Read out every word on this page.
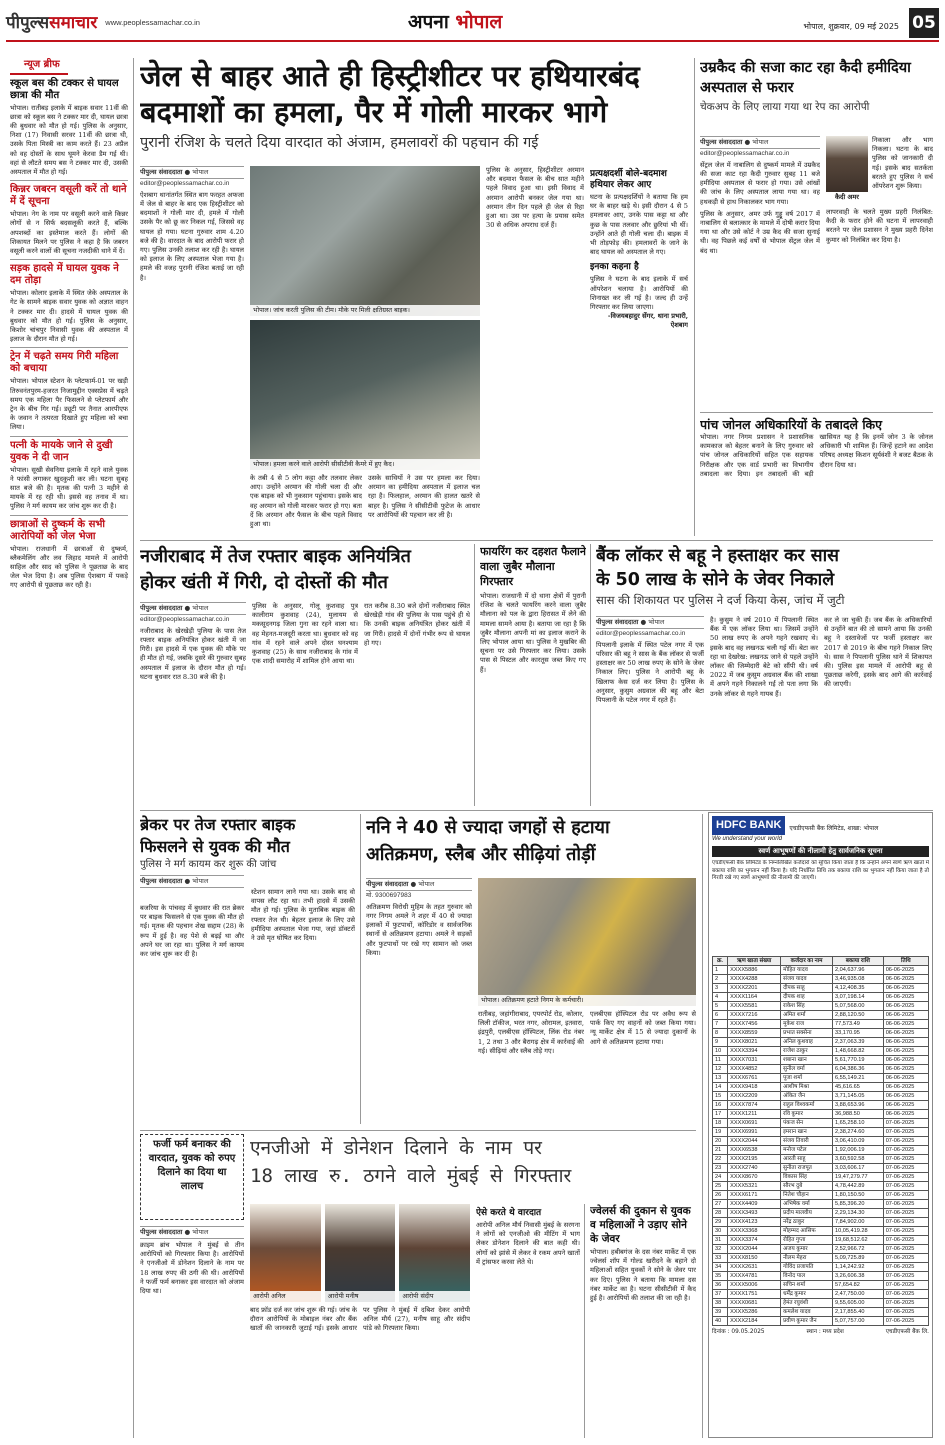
पीपुल्ससमाचार www.peoplessamachar.co.in	अपना भोपाल	भोपाल, शुक्रवार, 09 मई 2025 05
न्यूज ब्रीफ
स्कूल बस की टक्कर से घायल छात्रा की मौत
भोपाल। रातीबड़ इलाके में बाइक सवार 11वीं की छात्रा को स्कूल बस ने टक्कर मार दी, घायल छात्रा की बुधवार को मौत हो गई। पुलिस के अनुसार, निशा (17) निवासी सरवर 11वीं की छात्रा थी, उसके पिता मिस्त्री का काम करते हैं। 23 अप्रैल को वह दोस्तों के साथ घूमने केरवा डैम गई थी। वहां से लौटते समय बस ने टक्कर मार दी, उसकी अस्पताल में मौत हो गई।
किन्नर जबरन वसूली करें तो थाने में दें सूचना
भोपाल। नेग के नाम पर वसूली करने वाले किन्नर लोगों से न सिर्फ बदसलूकी करते हैं, बल्कि अपशब्दों का इस्तेमाल करते हैं। लोगों की शिकायत मिलने पर पुलिस ने कहा है कि जबरन वसूली करने वालों की सूचना नजदीकी थाने में दें।
सड़क हादसे में घायल युवक ने दम तोड़ा
भोपाल। कोलार इलाके में स्थित जेके अस्पताल के गेट के सामने बाइक सवार युवक को अज्ञात वाहन ने टक्कर मार दी। हादसे में घायल युवक की बुधवार को मौत हो गई। पुलिस के अनुसार, किशोर चांचपुर निवासी युवक की अस्पताल में इलाज के दौरान मौत हो गई।
ट्रेन में चढ़ते समय गिरी महिला को बचाया
भोपाल। भोपाल स्टेशन के प्लेटफार्म-01 पर खड़ी तिरुवनंतपुरम-हजरत निजामुद्दीन एक्सप्रेस में चढ़ते समय एक महिला पैर फिसलने से प्लेटफार्म और ट्रेन के बीच गिर गई। ड्यूटी पर तैनात आरपीएफ के जवान ने तत्परता दिखाते हुए महिला को बचा लिया।
पत्नी के मायके जाने से दुखी युवक ने दी जान
भोपाल। सूखी सेवनिया इलाके में रहने वाले युवक ने फांसी लगाकर खुदकुशी कर ली। घटना सुबह सात बजे की है। मृतक की पत्नी 3 महीने से मायके में रह रही थी। इससे वह तनाव में था। पुलिस ने मर्ग कायम कर जांच शुरू कर दी है।
छात्राओं से दुष्कर्म के सभी आरोपियों को जेल भेजा
भोपाल। राजधानी में छात्राओं से दुष्कर्म, ब्लैकमेलिंग और लव जिहाद मामले में आरोपी साहिल और साद को पुलिस ने पूछताछ के बाद जेल भेज दिया है। अब पुलिस ऐशबाग में पकड़े गए आरोपी से पूछताछ कर रही है।
जेल से बाहर आते ही हिस्ट्रीशीटर पर हथियारबंद
बदमाशों का हमला, पैर में गोली मारकर भागे
पुरानी रंजिश के चलते दिया वारदात को अंजाम, हमलावरों की पहचान की गई
पीपुल्स संवाददाता ● भोपाल
editor@peoplessamachar.co.in
ऐशबाग थानांतर्गत स्थित बाग फरहत अफजा में जेल से बाहर के बाद एक हिस्ट्रीशीटर को बदमाशों ने गोली मार दी, हमले में गोली उसके पैर को छू कर निकल गई, जिससे वह घायल हो गया। घटना गुरुवार शाम 4.20 बजे की है। वारदात के बाद आरोपी फरार हो गए। पुलिस उनकी तलाश कर रही है। घायल को इलाज के लिए अस्पताल भेजा गया है। हमले की वजह पुरानी रंजिश बताई जा रही है।
भोपाल। जांच करती पुलिस की टीम। मौके पर मिली क्षतिग्रस्त बाइक।
भोपाल। हमला करने वाले आरोपी सीसीटीवी कैमरे में हुए कैद।
के तबी 4 से 5 लोग कट्टा और तलवार लेकर आए। उन्होंने अरमान की गोली चला दी और एक बाइक को भी नुकसान पहुंचाया। इसके बाद वह अरमान को गोली मारकर फरार हो गए। बता दें कि अरमान और फैसल के बीच पहले विवाद हुआ था।
उसके साथियों ने उस पर हमला कर दिया। अरमान का हमीदिया अस्पताल में इलाज चल रहा है। फिलहाल, अरमान की हालत खतरे से बाहर है। पुलिस ने सीसीटीवी फुटेज के आधार पर आरोपियों की पहचान कर ली है।
पुलिस के अनुसार, हिस्ट्रीशीटर अरमान और बदमाश फैसल के बीच सात महीने पहले विवाद हुआ था। इसी विवाद में अरमान आरोपी बनकर जेल गया था। अरमान तीन दिन पहले ही जेल से रिहा हुआ था। उस पर हत्या के प्रयास समेत 30 से अधिक अपराध दर्ज हैं।
प्रत्यक्षदर्शी बोले-बदमाश हथियार लेकर आए
घटना के प्रत्यक्षदर्शियों ने बताया कि हम घर के बाहर खड़े थे। इसी दौरान 4 से 5 हमलावर आए, उनके पास कट्टा था और कुछ के पास तलवार और छुरियां भी थीं। उन्होंने आते ही गोली चला दी। बाइक में भी तोड़फोड़ की। हमलावरों के जाने के बाद घायल को अस्पताल ले गए।
इनका कहना है
पुलिस ने घटना के बाद इलाके में सर्च ऑपरेशन चलाया है। आरोपियों की शिनाख्त कर ली गई है। जल्द ही उन्हें गिरफ्तार कर लिया जाएगा।
-विजयबहादुर सेंगर, थाना प्रभारी, ऐशबाग
उम्रकैद की सजा काट रहा कैदी हमीदिया अस्पताल से फरार
चेकअप के लिए लाया गया था रेप का आरोपी
पीपुल्स संवाददाता ● भोपाल
editor@peoplessamachar.co.in
सेंट्रल जेल में नाबालिग से दुष्कर्म मामले में उम्रकैद की सजा काट रहा कैदी गुरुवार सुबह 11 बजे हमीदिया अस्पताल से फरार हो गया। उसे आंखों की जांच के लिए अस्पताल लाया गया था। वह हथकड़ी से हाथ निकालकर भाग गया।
पुलिस के अनुसार, अमर उर्फ गुड्डू वर्ष 2017 में नाबालिग से बलात्कार के मामले में दोषी करार दिया गया था और उसे कोर्ट ने उम्र कैद की सजा सुनाई थी। वह पिछले कई वर्षों से भोपाल सेंट्रल जेल में बंद था।
कैदी अमर
निकाला और भाग निकला। घटना के बाद पुलिस को जानकारी दी गई। इसके बाद सतर्कता बरतते हुए पुलिस ने सर्च ऑपरेशन शुरू किया।
लापरवाही के चलते मुख्य प्रहरी निलंबित: कैदी के फरार होने की घटना में लापरवाही बरतने पर जेल प्रशासन ने मुख्य प्रहरी दिनेश कुमार को निलंबित कर दिया है।
पांच जोनल अधिकारियों के तबादले किए
भोपाल। नगर निगम प्रशासन ने प्रशासनिक कामकाज को बेहतर बनाने के लिए गुरुवार को पांच जोनल अधिकारियों सहित एक सहायक निरीक्षक और एक वार्ड प्रभारी का विभागीय तबादला कर दिया। इन तबादलों की बड़ी खासियत यह है कि इनमें जोन 3 के जोनल अधिकारी भी शामिल हैं। जिन्हें हटाने का आदेश परिषद अध्यक्ष किशन सूर्यवंशी ने बजट बैठक के दौरान दिया था।
नजीराबाद में तेज रफ्तार बाइक अनियंत्रित
होकर खंती में गिरी, दो दोस्तों की मौत
पीपुल्स संवाददाता ● भोपाल
editor@peoplessamachar.co.in
नजीराबाद के खेरखेड़ी पुलिया के पास तेज रफ्तार बाइक अनियंत्रित होकर खंती में जा गिरी। इस हादसे में एक युवक की मौके पर ही मौत हो गई, जबकि दूसरे की गुरुवार सुबह अस्पताल में इलाज के दौरान मौत हो गई। घटना बुधवार रात 8.30 बजे की है।
पुलिस के अनुसार, गोलू कुशवाह पुत्र कालीराम कुशवाह (24), मुलायम से मकसूदनगढ़ जिला गुना का रहने वाला था। वह मेहनत-मजदूरी करता था। बुधवार को वह गांव में रहने वाले अपने दोस्त घनश्याम कुशवाह (25) के साथ नजीराबाद के गांव में एक शादी समारोह में शामिल होने आया था।
रात करीब 8.30 बजे दोनों नजीराबाद स्थित खेरखेड़ी गांव की पुलिया के पास पहुंचे ही थे कि उनकी बाइक अनियंत्रित होकर खंती में जा गिरी। हादसे में दोनों गंभीर रूप से घायल हो गए।
फायरिंग कर दहशत फैलाने वाला जुबैर मौलाना गिरफ्तार
भोपाल। राजधानी में दो थाना क्षेत्रों में पुरानी रंजिश के चलते फायरिंग करने वाला जुबैर मौलाना को पल के द्वारा हिरासत में लेने की मामला सामने आया है। बताया जा रहा है कि जुबैर मौलाना अपनी मां का इलाज कराने के लिए भोपाल आया था। पुलिस ने मुखबिर की सूचना पर उसे गिरफ्तार कर लिया। उसके पास से पिस्टल और कारतूस जब्त किए गए हैं।
बैंक लॉकर से बहू ने हस्ताक्षर कर सास
के 50 लाख के सोने के जेवर निकाले
सास की शिकायत पर पुलिस ने दर्ज किया केस, जांच में जुटी
पीपुल्स संवाददाता ● भोपाल
editor@peoplessamachar.co.in
पिपलानी इलाके में स्थित पटेल नगर में एक परिवार की बहू ने सास के बैंक लॉकर से फर्जी हस्ताक्षर कर 50 लाख रुपए के सोने के जेवर निकाल लिए। पुलिस ने आरोपी बहू के खिलाफ केस दर्ज कर लिया है। पुलिस के अनुसार, कुसुम अग्रवाल की बहू और बेटा पिपलानी के पटेल नगर में रहते हैं।
है। कुसुम ने वर्ष 2010 में पिपलानी स्थित बैंक में एक लॉकर लिया था। जिसमें उन्होंने 50 लाख रुपए के अपने गहने रखवाए थे। इसके बाद वह लखनऊ चली गई थीं। बेटा कर रहा था देखरेख: लखनऊ जाने से पहले उन्होंने लॉकर की जिम्मेदारी बेटे को सौंपी थी। वर्ष 2022 में जब कुसुम अग्रवाल बैंक की शाखा में अपने गहने निकालने गईं तो पता लगा कि उनके लॉकर से गहने गायब हैं।
कर ले जा चुकी हैं। जब बैंक के अधिकारियों से उन्होंने बात की तो सामने आया कि उनकी बहू ने दस्तावेजों पर फर्जी हस्ताक्षर कर 2017 से 2019 के बीच गहने निकाल लिए थे। सास ने पिपलानी पुलिस थाने में शिकायत की। पुलिस इस मामले में आरोपी बहू से पूछताछ करेगी, इसके बाद आगे की कार्रवाई की जाएगी।
ब्रेकर पर तेज रफ्तार बाइक
फिसलने से युवक की मौत
पुलिस ने मर्ग कायम कर शुरू की जांच
पीपुल्स संवाददाता ● भोपाल
बजरिया के पांचवड़ में बुधवार की रात ब्रेकर पर बाइक फिसलने से एक युवक की मौत हो गई। मृतक की पहचान शेख सद्दाम (28) के रूप में हुई है। वह पेशे से बढ़ई था और अपने घर जा रहा था। पुलिस ने मर्ग कायम कर जांच शुरू कर दी है।
स्टेशन सामान लाने गया था। उसके बाद वो वापस लौट रहा था। तभी हादसे में उसकी मौत हो गई। पुलिस के मुताबिक बाइक की रफ्तार तेज थी। बेहतर इलाज के लिए उसे हमीदिया अस्पताल भेजा गया, जहां डॉक्टरों ने उसे मृत घोषित कर दिया।
ननि ने 40 से ज्यादा जगहों से हटाया
अतिक्रमण, स्लैब और सीढ़ियां तोड़ीं
पीपुल्स संवाददाता ● भोपाल
मो. 9300697983
अतिक्रमण विरोधी मुहिम के तहत गुरुवार को नगर निगम अमले ने शहर में 40 से ज्यादा इलाकों में फुटपाथों, कॉरिडोर व सार्वजनिक स्थानों से अतिक्रमण हटाया। अमले ने सड़कों और फुटपाथों पर रखे गए सामान को जब्त किया।
भोपाल। अतिक्रमण हटाते निगम के कर्मचारी।
रातीबड़, जहांगीराबाद, एयरपोर्ट रोड, कोलार, लिली टॉकीज, भरत नगर, ओरामल, इतवारा, इंद्रपुरी, एलबीएस हॉस्पिटल, लिंक रोड नंबर 1, 2 तथा 3 और बैरागढ़ क्षेत्र में कार्रवाई की गई। सीढ़ियां और स्लैब तोड़े गए।
एलबीएस हॉस्पिटल रोड पर अवैध रूप से पार्क किए गए वाहनों को जब्त किया गया। न्यू मार्केट क्षेत्र में 15 से ज्यादा दुकानों के आगे से अतिक्रमण हटाया गया।
HDFC BANK
We understand your world
एचडीएफसी बैंक लिमिटेड, शाखा: भोपाल
स्वर्ण आभूषणों की नीलामी हेतु सार्वजनिक सूचना
एचडीएफसी बैंक लिमिटेड के निम्नलिखित कर्जदारों को सूचित किया जाता है कि उन्होंने अपने स्वर्ण ऋण खातों में बकाया राशि का भुगतान नहीं किया है। यदि निर्धारित तिथि तक बकाया राशि का भुगतान नहीं किया जाता है तो गिरवी रखे गए स्वर्ण आभूषणों की नीलामी की जाएगी।
क्र.	ऋण खाता संख्या	कर्जदार का नाम	बकाया राशि	तिथि
1	XXXX5886	मोहित यादव	2,04,637.96	06-06-2025
2	XXXX4288	संजय यादव	3,46,935.08	06-06-2025
3	XXXX2201	दीपक साहू	4,12,408.35	06-06-2025
4	XXXX1164	दीपक शाह	3,07,198.14	06-06-2025
5	XXXX5581	राकेश सिंह	5,07,568.00	06-06-2025
6	XXXX7216	अमित शर्मा	2,88,120.50	06-06-2025
7	XXXX7456	मुकेश राज	77,573.49	06-06-2025
8	XXXX8559	प्रभात सक्सेना	33,170.95	06-06-2025
9	XXXX8021	अनिल कुशवाह	2,37,063.39	06-06-2025
10	XXXX3394	राजेश ठाकुर	1,48,668.82	06-06-2025
11	XXXX7031	शबाना खान	5,61,770.19	06-06-2025
12	XXXX4852	सुनील वर्मा	6,04,386.36	06-06-2025
13	XXXX6761	पूजा शर्मा	6,55,149.21	06-06-2025
14	XXXX9418	आशीष मिश्रा	45,616.65	06-06-2025
15	XXXX2209	अंकित जैन	3,71,145.05	06-06-2025
16	XXXX7874	राहुल विश्वकर्मा	3,88,653.96	06-06-2025
17	XXXX1211	रवि कुमार	36,988.50	06-06-2025
18	XXXX0691	पंकज सेन	1,65,258.10	07-06-2025
19	XXXX6991	इमरान खान	2,38,274.60	07-06-2025
20	XXXX2044	संजय तिवारी	3,06,410.09	07-06-2025
21	XXXX6538	मनोज पटेल	1,92,006.19	07-06-2025
22	XXXX2195	आरती साहू	3,60,592.58	07-06-2025
23	XXXX2740	सुनीता राजपूत	3,03,606.17	07-06-2025
24	XXXX8670	विकास सिंह	19,47,279.77	07-06-2025
25	XXXX5321	सौरभ दुबे	4,78,442.89	07-06-2025
26	XXXX6171	नितेश चौहान	1,80,150.50	07-06-2025
27	XXXX4409	अभिषेक वर्मा	5,85,396.20	07-06-2025
28	XXXX3493	प्रदीप मालवीय	2,29,134.30	07-06-2025
29	XXXX4123	नरेंद्र ठाकुर	7,84,902.00	07-06-2025
30	XXXX3368	मोहम्मद आसिफ	10,05,419.28	07-06-2025
31	XXXX3374	रोहित गुप्ता	19,68,512.62	07-06-2025
32	XXXX2044	अजय कुमार	2,52,966.72	07-06-2025
33	XXXX8150	नीलम मेहरा	5,09,725.89	07-06-2025
34	XXXX2631	गोविंद प्रजापति	1,14,242.92	07-06-2025
35	XXXX4781	विनोद पाल	3,26,606.38	07-06-2025
36	XXXX5006	सचिन शर्मा	57,654.82	07-06-2025
37	XXXX1751	धर्मेंद्र कुमार	2,47,750.00	07-06-2025
38	XXXX0681	हेमंत रघुवंशी	9,55,605.00	07-06-2025
39	XXXX5286	कमलेश यादव	2,17,855.40	07-06-2025
40	XXXX2184	प्रवीण कुमार जैन	5,07,757.00	07-06-2025
दिनांक : 09.05.2025	स्थान : मध्य प्रदेश	एचडीएफसी बैंक लि.
फर्जी फर्म बनाकर की वारदात, युवक को रुपए दिलाने का दिया था लालच
एनजीओ में डोनेशन दिलाने के नाम पर
18 लाख रु. ठगने वाले मुंबई से गिरफ्तार
पीपुल्स संवाददाता ● भोपाल
क्राइम ब्रांच भोपाल ने मुंबई से तीन आरोपियों को गिरफ्तार किया है। आरोपियों ने एनजीओ में डोनेशन दिलाने के नाम पर 18 लाख रुपए की ठगी की थी। आरोपियों ने फर्जी फर्म बनाकर इस वारदात को अंजाम दिया था।
आरोपी अनिल	आरोपी मनीष	आरोपी संदीप
बाद फ्रॉड दर्ज कर जांच शुरू की गई। जांच के दौरान आरोपियों के मोबाइल नंबर और बैंक खातों की जानकारी जुटाई गई। इसके आधार पर पुलिस ने मुंबई में दबिश देकर आरोपी अनिल मौर्य (27), मनीष साहू और संदीप पांडे को गिरफ्तार किया।
ऐसे करते थे वारदात
आरोपी अनिल मौर्य निवासी मुंबई के सरगना ने लोगों को एनजीओ की मीटिंग में भाग लेकर डोनेशन दिलाने की बात कही थी। लोगों को झांसे में लेकर वे रकम अपने खातों में ट्रांसफर करवा लेते थे।
ज्वेलर्स की दुकान से युवक व महिलाओं ने उड़ाए सोने के जेवर
भोपाल। हबीबगंज के दस नंबर मार्केट में एक ज्वेलर्स शॉप में गोल्ड खरीदने के बहाने दो महिलाओं सहित युवकों ने सोने के जेवर पार कर दिए। पुलिस ने बताया कि मामला दस नंबर मार्केट का है। घटना सीसीटीवी में कैद हुई है। आरोपियों की तलाश की जा रही है।
